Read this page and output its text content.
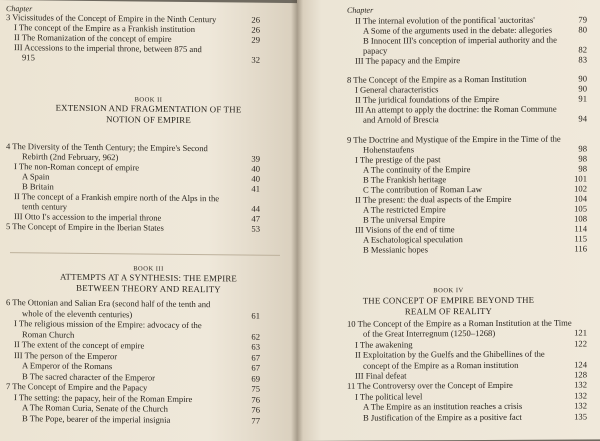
Chapter
3 Vicissitudes of the Concept of Empire in the Ninth Century	26
I The concept of the Empire as a Frankish institution	26
II The Romanization of the concept of empire	29
III Accessions to the imperial throne, between 875 and
915	32
BOOK II
EXTENSION AND FRAGMENTATION OF THE
NOTION OF EMPIRE
4 The Diversity of the Tenth Century; the Empire's Second
Rebirth (2nd February, 962)	39
I The non-Roman concept of empire	40
A Spain	40
B Britain	41
II The concept of a Frankish empire north of the Alps in the
tenth century	44
III Otto I's accession to the imperial throne	47
5 The Concept of Empire in the Iberian States	53
BOOK III
ATTEMPTS AT A SYNTHESIS: THE EMPIRE
BETWEEN THEORY AND REALITY
6 The Ottonian and Salian Era (second half of the tenth and
whole of the eleventh centuries)	61
I The religious mission of the Empire: advocacy of the
Roman Church	62
II The extent of the concept of empire	63
III The person of the Emperor	67
A Emperor of the Romans	67
B The sacred character of the Emperor	69
7 The Concept of Empire and the Papacy	75
I The setting: the papacy, heir of the Roman Empire	76
A The Roman Curia, Senate of the Church	76
B The Pope, bearer of the imperial insignia	77
Chapter
II The internal evolution of the pontifical 'auctoritas'	79
A Some of the arguments used in the debate: allegories	80
B Innocent III's conception of imperial authority and the
papacy	82
III The papacy and the Empire	83
8 The Concept of the Empire as a Roman Institution	90
I General characteristics	90
II The juridical foundations of the Empire	91
III An attempt to apply the doctrine: the Roman Commune
and Arnold of Brescia	94
9 The Doctrine and Mystique of the Empire in the Time of the
Hohenstaufens	98
I The prestige of the past	98
A The continuity of the Empire	98
B The Frankish heritage	101
C The contribution of Roman Law	102
II The present: the dual aspects of the Empire	104
A The restricted Empire	105
B The universal Empire	108
III Visions of the end of time	114
A Eschatological speculation	115
B Messianic hopes	116
BOOK IV
THE CONCEPT OF EMPIRE BEYOND THE
REALM OF REALITY
10 The Concept of the Empire as a Roman Institution at the Time
of the Great Interregnum (1250–1268)	121
I The awakening	122
II Exploitation by the Guelfs and the Ghibellines of the
concept of the Empire as a Roman institution	124
III Final defeat	128
11 The Controversy over the Concept of Empire	132
I The political level	132
A The Empire as an institution reaches a crisis	132
B Justification of the Empire as a positive fact	135
